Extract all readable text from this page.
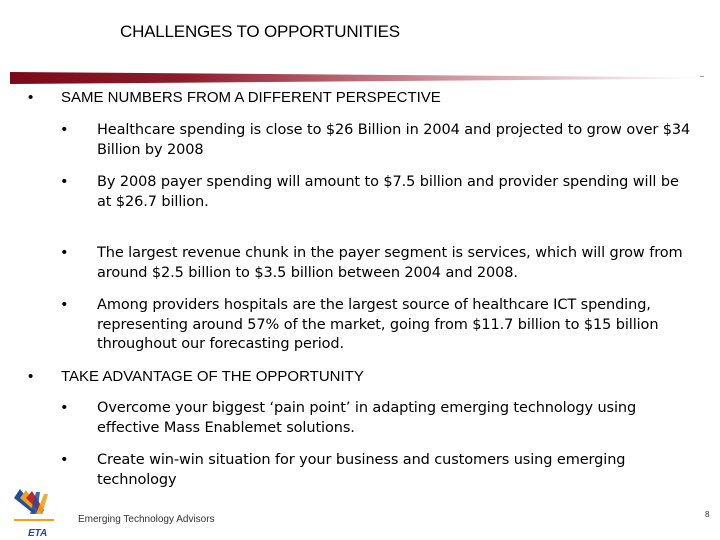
CHALLENGES TO OPPORTUNITIES
• SAME NUMBERS FROM A DIFFERENT PERSPECTIVE
• Healthcare spending is close to $26 Billion in 2004 and projected to grow over $34 Billion by 2008
• By 2008 payer spending will amount to $7.5 billion and provider spending will be at $26.7 billion.
• The largest revenue chunk in the payer segment is services, which will grow from around $2.5 billion to $3.5 billion between 2004 and 2008.
• Among providers hospitals are the largest source of healthcare ICT spending, representing around 57% of the market, going from $11.7 billion to $15 billion throughout our forecasting period.
• TAKE ADVANTAGE OF THE OPPORTUNITY
• Overcome your biggest ‘pain point’ in adapting emerging technology using effective Mass Enablemet solutions.
• Create win-win situation for your business and customers using emerging technology
ETA
Emerging Technology Advisors	8
